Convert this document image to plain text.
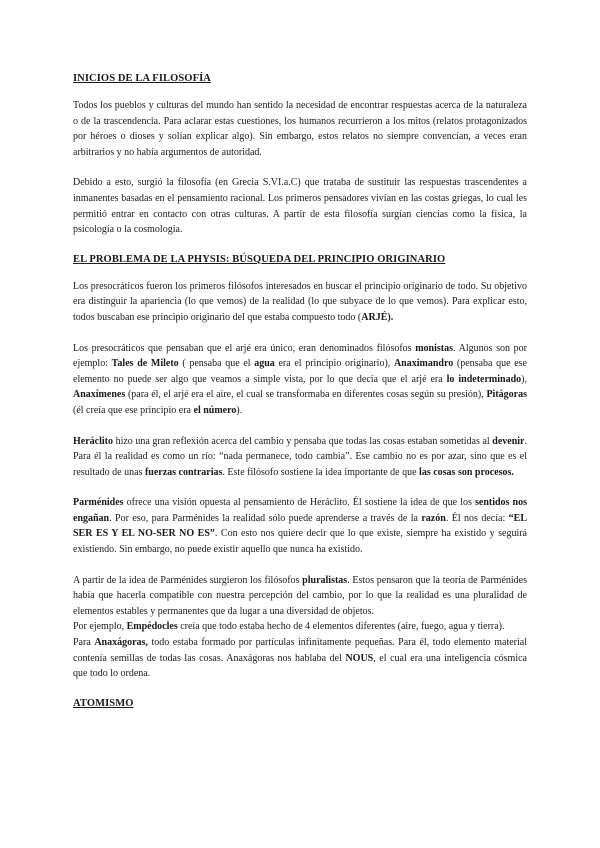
INICIOS DE LA FILOSOFÍA

Todos los pueblos y culturas del mundo han sentido la necesidad de encontrar respuestas acerca de la naturaleza o de la trascendencia. Para aclarar estas cuestiones, los humanos recurrieron a los mitos (relatos protagonizados por héroes o dioses y solían explicar algo). Sin embargo, estos relatos no siempre convencían, a veces eran arbitrarios y no había argumentos de autoridad.

Debido a esto, surgió la filosofía (en Grecia S.VI.a.C) que trataba de sustituir las respuestas trascendentes a inmanentes basadas en el pensamiento racional. Los primeros pensadores vivían en las costas griegas, lo cual les permitió entrar en contacto con otras culturas. A partir de esta filosofía surgían ciencias como la física, la psicología o la cosmología.

EL PROBLEMA DE LA PHYSIS: BÚSQUEDA DEL PRINCIPIO ORIGINARIO

Los presocráticos fueron los primeros filósofos interesados en buscar el principio originario de todo. Su objetivo era distinguir la apariencia (lo que vemos) de la realidad (lo que subyace de lo que vemos). Para explicar esto, todos buscaban ese principio originario del que estaba compuesto todo (ARJÉ).

Los presocráticos que pensaban que el arjé era único, eran denominados filósofos monistas. Algunos son por ejemplo: Tales de Mileto ( pensaba que el agua era el principio originario), Anaximandro (pensaba que ese elemento no puede ser algo que veamos a simple vista, por lo que decía que el arjé era lo indeterminado), Anaxímenes (para él, el arjé era el aire, el cual se transformaba en diferentes cosas según su presión), Pitágoras (él creía que ese principio era el número).

Heráclito hizo una gran reflexión acerca del cambio y pensaba que todas las cosas estaban sometidas al devenir. Para él la realidad es como un río: “nada permanece, todo cambia”. Ese cambio no es por azar, sino que es el resultado de unas fuerzas contrarias. Este filósofo sostiene la idea importante de que las cosas son procesos.

Parménides ofrece una visión opuesta al pensamiento de Heráclito. Él sostiene la idea de que los sentidos nos engañan. Por eso, para Parménides la realidad sólo puede aprenderse a través de la razón. Él nos decía: “EL SER ES Y EL NO-SER NO ES”. Con esto nos quiere decir que lo que existe, siempre ha existido y seguirá existiendo. Sin embargo, no puede existir aquello que nunca ha existido.

A partir de la idea de Parménides surgieron los filósofos pluralistas. Estos pensaron que la teoría de Parménides había que hacerla compatible con nuestra percepción del cambio, por lo que la realidad es una pluralidad de elementos estables y permanentes que da lugar a una diversidad de objetos.

Por ejemplo, Empédocles creía que todo estaba hecho de 4 elementos diferentes (aire, fuego, agua y tierra).

Para Anaxágoras, todo estaba formado por partículas infinitamente pequeñas. Para él, todo elemento material contenía semillas de todas las cosas. Anaxágoras nos hablaba del NOUS, el cual era una inteligencia cósmica que todo lo ordena.

ATOMISMO
